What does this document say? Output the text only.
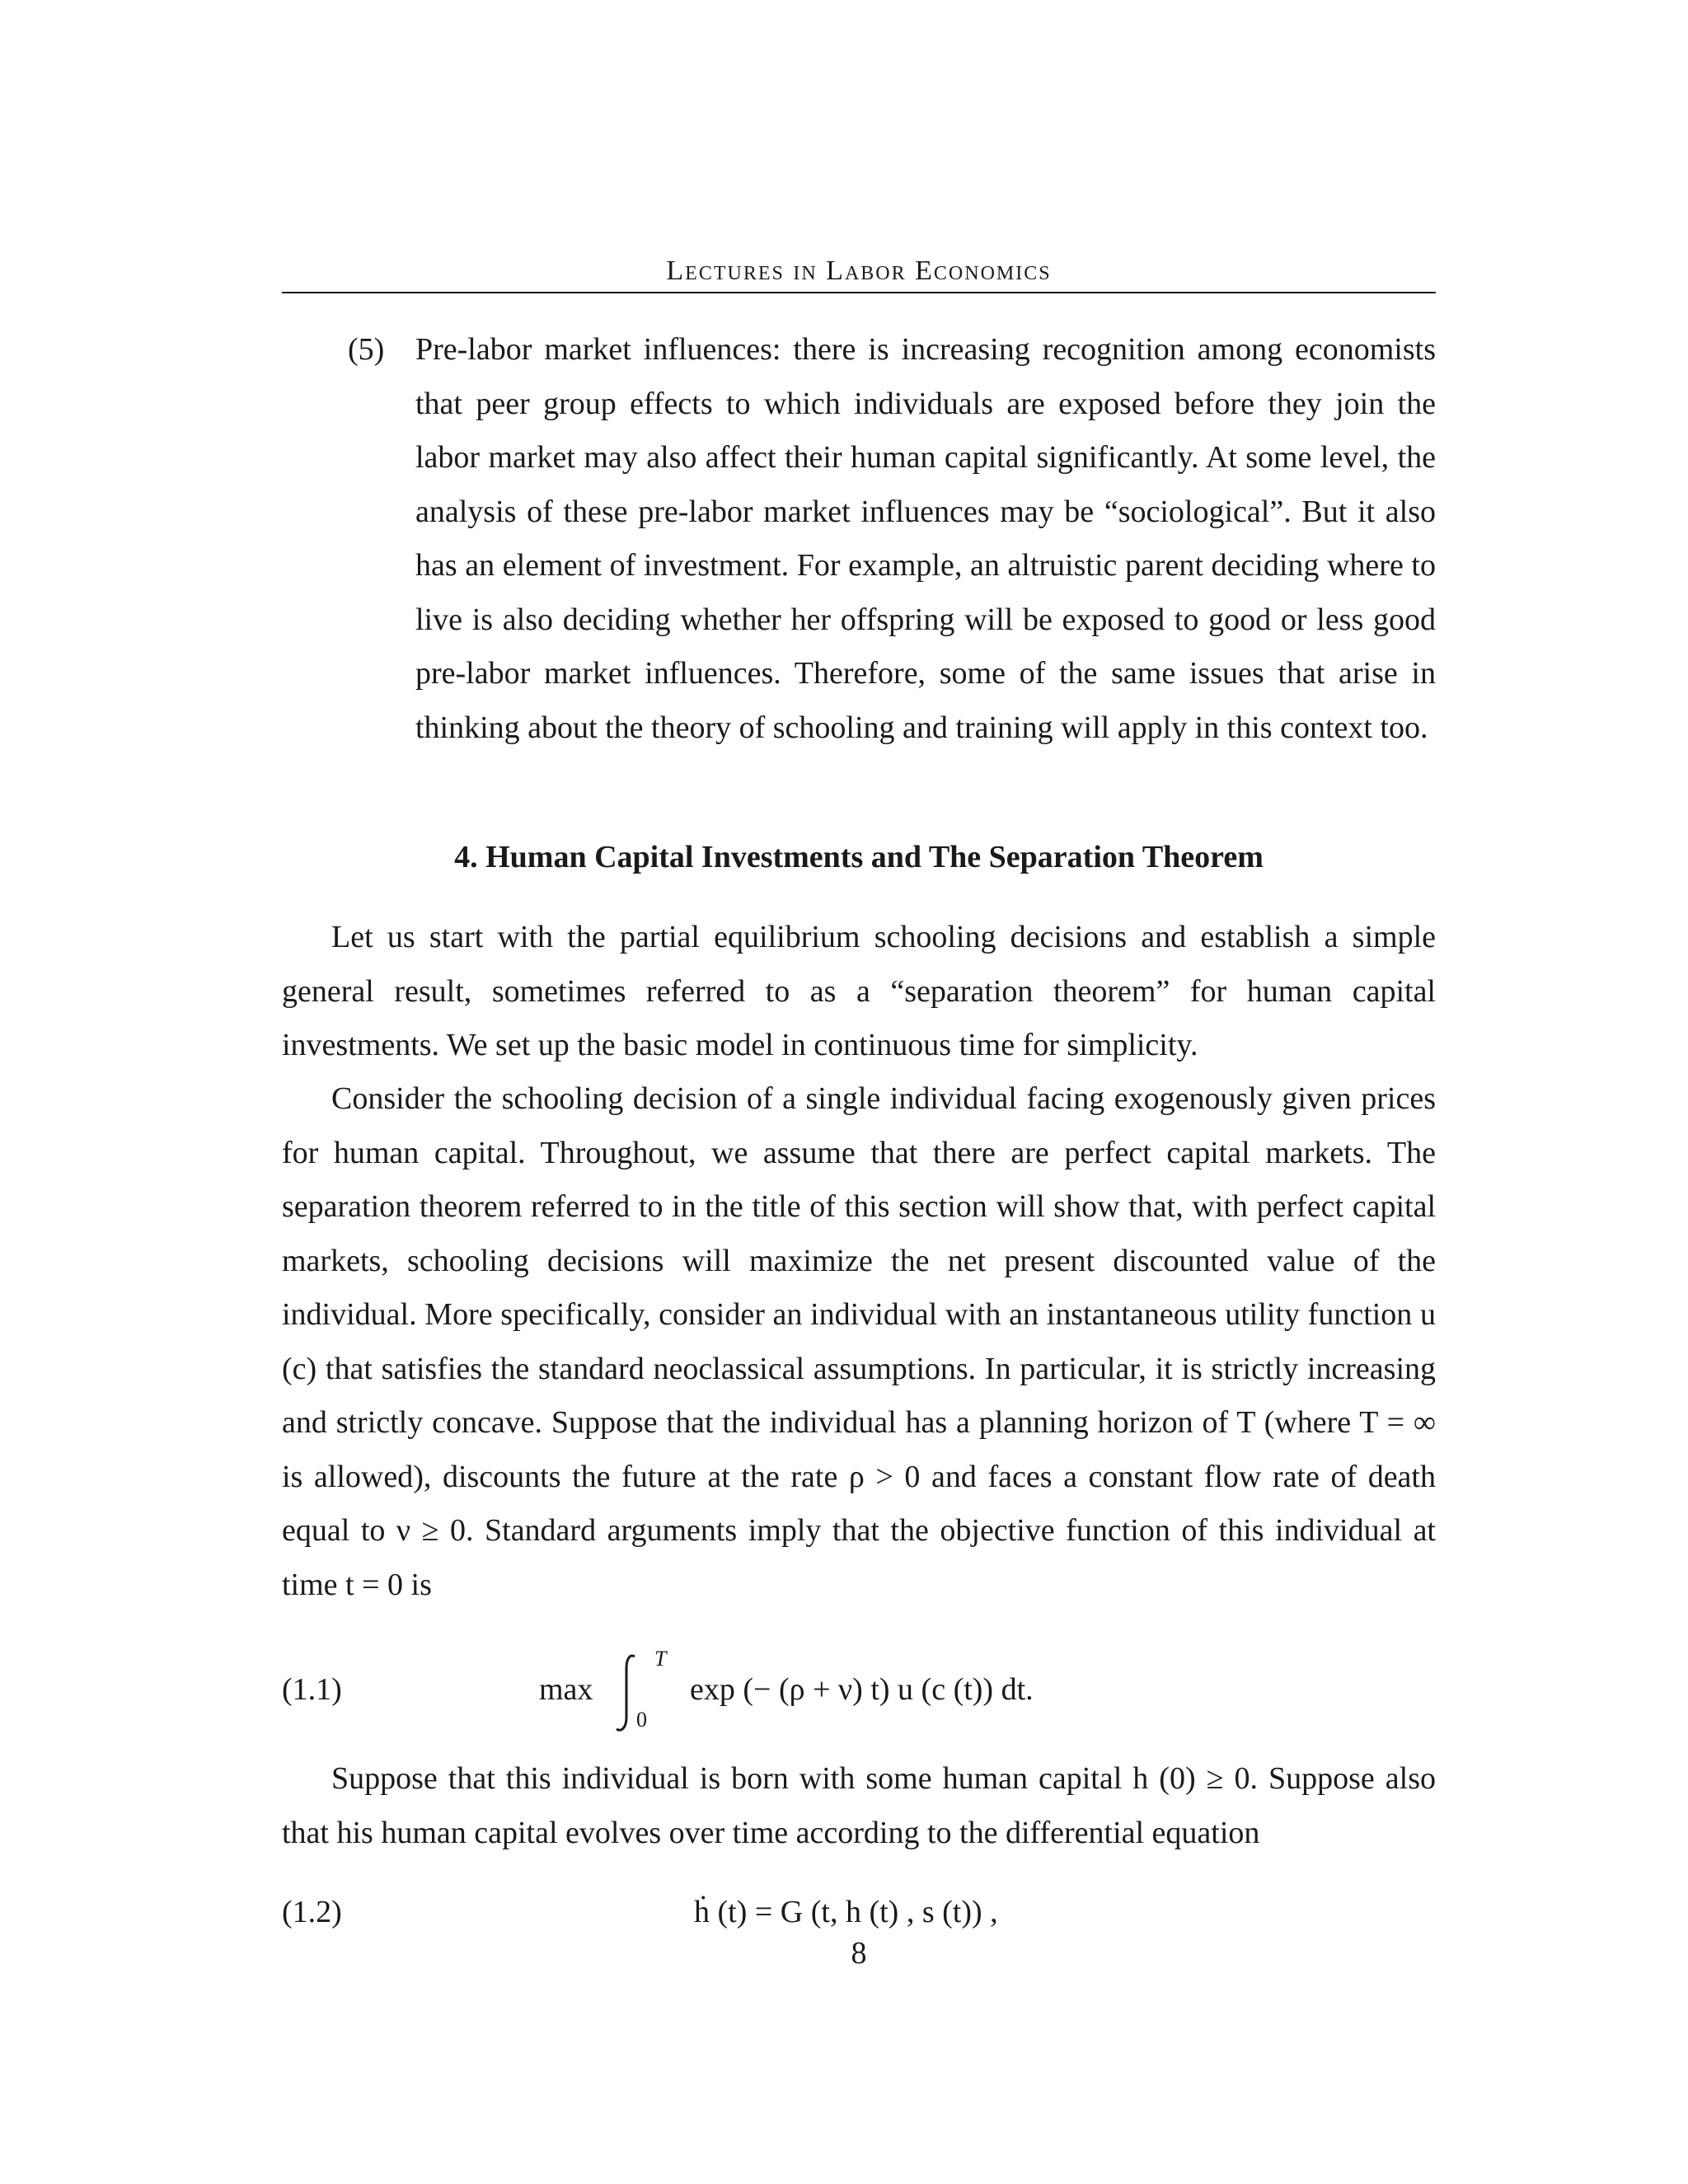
Lectures in Labor Economics
(5) Pre-labor market influences: there is increasing recognition among economists that peer group effects to which individuals are exposed before they join the labor market may also affect their human capital significantly. At some level, the analysis of these pre-labor market influences may be “sociological”. But it also has an element of investment. For example, an altruistic parent deciding where to live is also deciding whether her offspring will be exposed to good or less good pre-labor market influences. Therefore, some of the same issues that arise in thinking about the theory of schooling and training will apply in this context too.
4. Human Capital Investments and The Separation Theorem
Let us start with the partial equilibrium schooling decisions and establish a simple general result, sometimes referred to as a “separation theorem” for human capital investments. We set up the basic model in continuous time for simplicity.
Consider the schooling decision of a single individual facing exogenously given prices for human capital. Throughout, we assume that there are perfect capital markets. The separation theorem referred to in the title of this section will show that, with perfect capital markets, schooling decisions will maximize the net present discounted value of the individual. More specifically, consider an individual with an instantaneous utility function u (c) that satisfies the standard neoclassical assumptions. In particular, it is strictly increasing and strictly concave. Suppose that the individual has a planning horizon of T (where T = ∞ is allowed), discounts the future at the rate ρ > 0 and faces a constant flow rate of death equal to ν ≥ 0. Standard arguments imply that the objective function of this individual at time t = 0 is
(1.1)	max
T
0
exp (− (ρ + ν) t) u (c (t)) dt.
Suppose that this individual is born with some human capital h (0) ≥ 0. Suppose also that his human capital evolves over time according to the differential equation
(1.2)	ḣ (t) = G (t, h (t) , s (t)) ,
8
